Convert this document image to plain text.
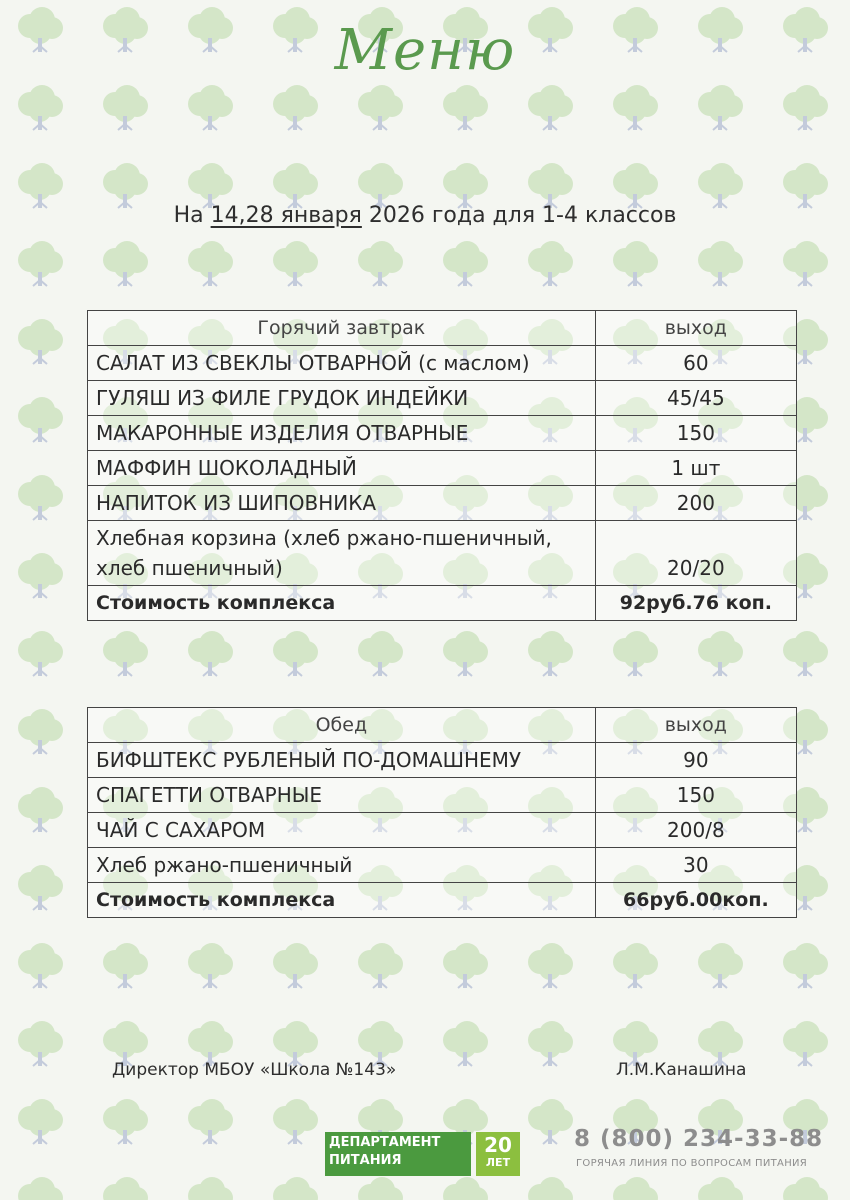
Меню
На 14,28 января 2026 года для 1-4 классов
Горячий завтрак	выход
САЛАТ ИЗ СВЕКЛЫ ОТВАРНОЙ (с маслом)	60
ГУЛЯШ ИЗ ФИЛЕ ГРУДОК ИНДЕЙКИ	45/45
МАКАРОННЫЕ ИЗДЕЛИЯ ОТВАРНЫЕ	150
МАФФИН ШОКОЛАДНЫЙ	1 шт
НАПИТОК ИЗ ШИПОВНИКА	200
Хлебная корзина (хлеб ржано-пшеничный, хлеб пшеничный)	20/20
Стоимость комплекса	92руб.76 коп.
Обед	выход
БИФШТЕКС РУБЛЕНЫЙ ПО-ДОМАШНЕМУ	90
СПАГЕТТИ ОТВАРНЫЕ	150
ЧАЙ С САХАРОМ	200/8
Хлеб ржано-пшеничный	30
Стоимость комплекса	66руб.00коп.
Директор МБОУ «Школа №143»	Л.М.Канашина
ДЕПАРТАМЕНТ
ПИТАНИЯ
20
ЛЕТ
8 (800) 234-33-88
ГОРЯЧАЯ ЛИНИЯ ПО ВОПРОСАМ ПИТАНИЯ
